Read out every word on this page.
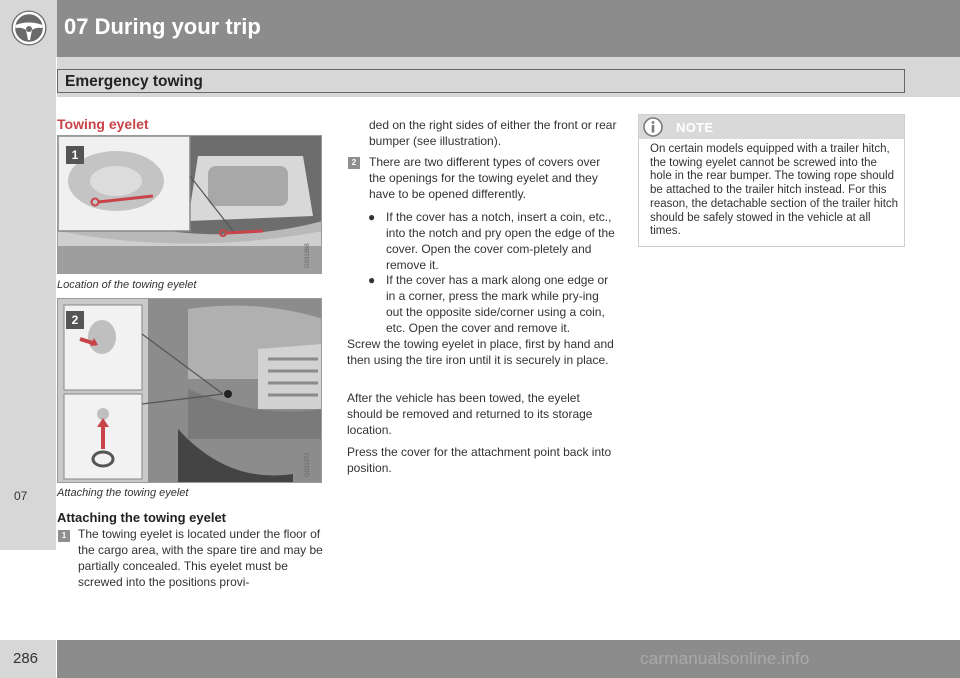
07 During your trip
Emergency towing
07
Towing eyelet
G031968
1
Location of the towing eyelet
G031971
2
Attaching the towing eyelet
Attaching the towing eyelet
1 The towing eyelet is located under the floor of the cargo area, with the spare tire and may be partially concealed. This eyelet must be screwed into the positions provi-
ded on the right sides of either the front or rear bumper (see illustration).
2	There are two different types of covers over the openings for the towing eyelet and they have to be opened differently.
● If the cover has a notch, insert a coin, etc., into the notch and pry open the edge of the cover. Open the cover com-pletely and remove it.
● If the cover has a mark along one edge or in a corner, press the mark while pry-ing out the opposite side/corner using a coin, etc. Open the cover and remove it.
Screw the towing eyelet in place, first by hand and then using the tire iron until it is securely in place.
After the vehicle has been towed, the eyelet should be removed and returned to its storage location.
Press the cover for the attachment point back into position.
NOTE
On certain models equipped with a trailer hitch, the towing eyelet cannot be screwed into the hole in the rear bumper. The towing rope should be attached to the trailer hitch instead. For this reason, the detachable section of the trailer hitch should be safely stowed in the vehicle at all times.
286	carmanualsonline.info
